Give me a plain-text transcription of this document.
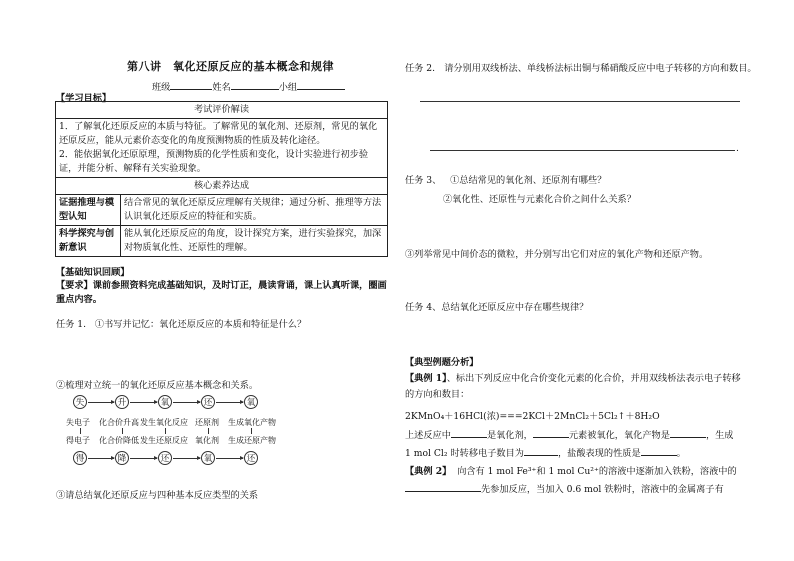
第八讲　氧化还原反应的基本概念和规律
班级	姓名	小组
【学习目标】
考试评价解读	
1．了解氧化还原反应的本质与特征。了解常见的氧化剂、还原剂，常见的氧化还原反应，能从元素价态变化的角度预测物质的性质及转化途径。
2．能依据氧化还原原理，预测物质的化学性质和变化，设计实验进行初步验证，并能分析、解释有关实验现象。	
核心素养达成	
证据推理与模型认知	结合常见的氧化还原反应理解有关规律；通过分析、推理等方法认识氧化还原反应的特征和实质。
科学探究与创新意识	能从氧化还原反应的角度，设计探究方案，进行实验探究，加深对物质氧化性、还原性的理解。
【基础知识回顾】
【要求】课前参照资料完成基础知识，及时订正，晨读背诵，课上认真听课，圈画重点内容。
任务 1. ①书写并记忆：氧化还原反应的本质和特征是什么？
②梳理对立统一的氧化还原反应基本概念和关系。
失	升	氧	还	氧
失电子 化合价升高 发生氧化反应 还原剂 生成氧化产物
得电子 化合价降低 发生还原反应 氧化剂 生成还原产物
得	降	还	氧	还
③请总结氧化还原反应与四种基本反应类型的关系
任务 2.　请分别用双线桥法、单线桥法标出铜与稀硝酸反应中电子转移的方向和数目。
.
任务 3、 ①总结常见的氧化剂、还原剂有哪些？
②氧化性、还原性与元素化合价之间什么关系？
③列举常见中间价态的微粒，并分别写出它们对应的氧化产物和还原产物。
任务 4、总结氧化还原反应中存在哪些规律？
【典型例题分析】
【典例 1】、标出下列反应中化合价变化元素的化合价，并用双线桥法表示电子转移的方向和数目：
2KMnO₄＋16HCl(浓)===2KCl＋2MnCl₂＋5Cl₂↑＋8H₂O
上述反应中	是氧化剂，	元素被氧化，氧化产物是	，生成
1 mol Cl₂ 时转移电子数目为	，盐酸表现的性质是	。
【典例 2】 向含有 1 mol Fe³⁺和 1 mol Cu²⁺的溶液中逐渐加入铁粉，溶液中的
先参加反应，当加入 0.6 mol 铁粉时，溶液中的金属离子有
